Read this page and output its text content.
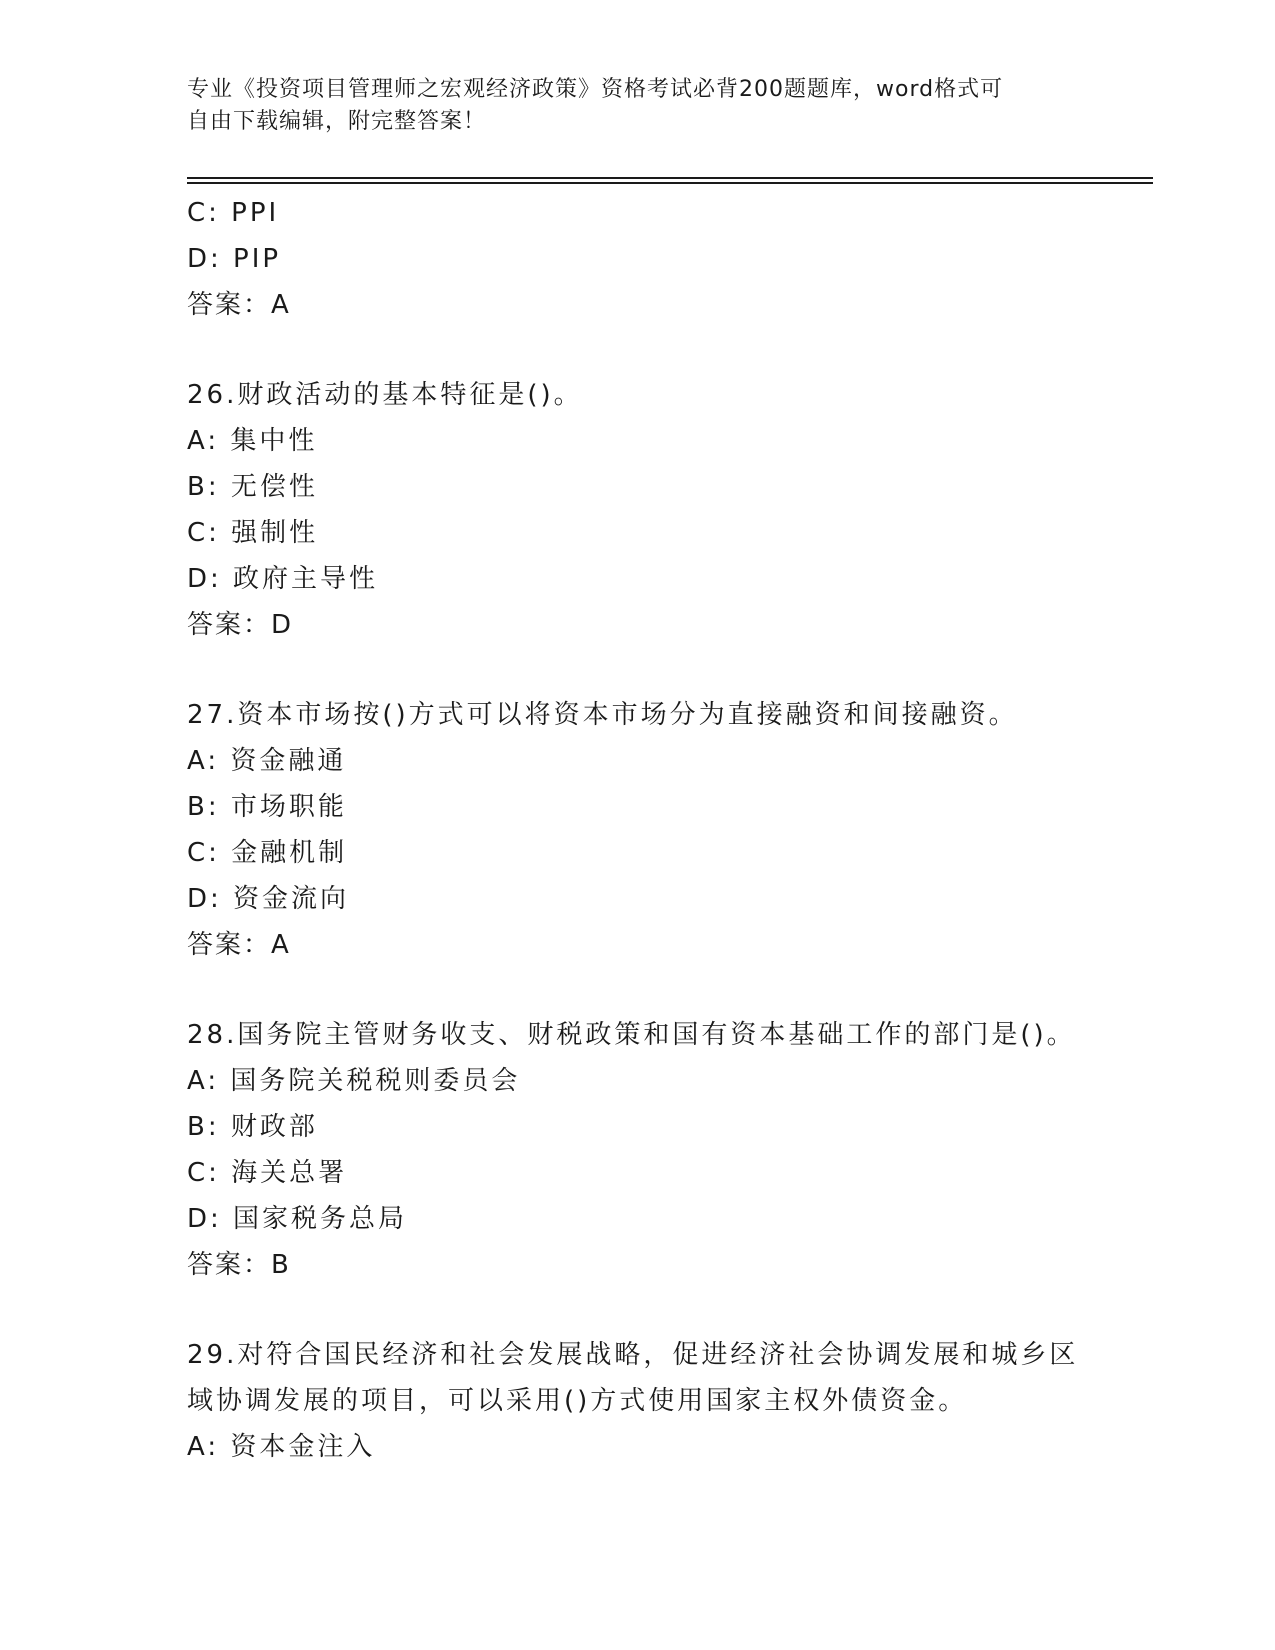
专业《投资项目管理师之宏观经济政策》资格考试必背200题题库，word格式可
自由下载编辑，附完整答案！
C: PPI
D: PIP
答案：A
26.财政活动的基本特征是()。
A: 集中性
B: 无偿性
C: 强制性
D: 政府主导性
答案：D
27.资本市场按()方式可以将资本市场分为直接融资和间接融资。
A: 资金融通
B: 市场职能
C: 金融机制
D: 资金流向
答案：A
28.国务院主管财务收支、财税政策和国有资本基础工作的部门是()。
A: 国务院关税税则委员会
B: 财政部
C: 海关总署
D: 国家税务总局
答案：B
29.对符合国民经济和社会发展战略，促进经济社会协调发展和城乡区
域协调发展的项目，可以采用()方式使用国家主权外债资金。
A: 资本金注入
